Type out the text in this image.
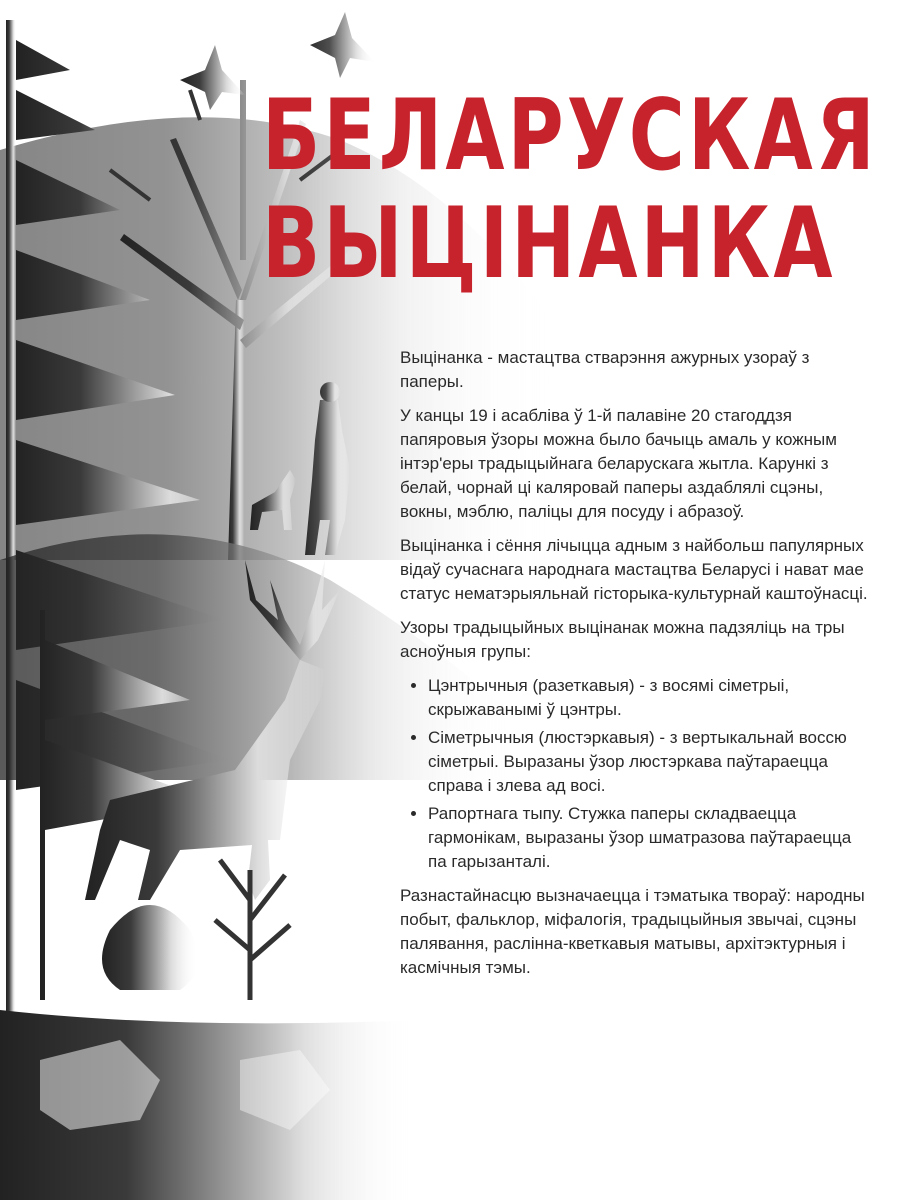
БЕЛАРУСКАЯ
ВЫЦІНАНКА

Выцінанка - мастацтва стварэння ажурных узораў з паперы.

У канцы 19 і асабліва ў 1-й палавіне 20 стагоддзя папяровыя ўзоры можна было бачыць амаль у кожным інтэр'еры традыцыйнага беларускага жытла. Карункі з белай, чорнай ці каляровай паперы аздаблялі сцэны, вокны, мэблю, паліцы для посуду і абразоў.

Выцінанка і сёння лічыцца адным з найбольш папулярных відаў сучаснага народнага мастацтва Беларусі і нават мае статус нематэрыяльнай гісторыка-культурнай каштоўнасці.

Узоры традыцыйных выцінанак можна падзяліць на тры асноўныя групы:

• Цэнтрычныя (разеткавыя) - з восямі сіметрыі, скрыжаванымі ў цэнтры.
• Сіметрычныя (люстэркавыя) - з вертыкальнай воссю сіметрыі. Выразаны ўзор люстэркава паўтараецца справа і злева ад восі.
• Рапортнага тыпу. Стужка паперы складваецца гармонікам, выразаны ўзор шматразова паўтараецца па гарызанталі.

Разнастайнасцю вызначаецца і тэматыка твораў: народны побыт, фальклор, міфалогія, традыцыйныя звычаі, сцэны палявання, раслінна-кветкавыя матывы, архітэктурныя і касмічныя тэмы.
